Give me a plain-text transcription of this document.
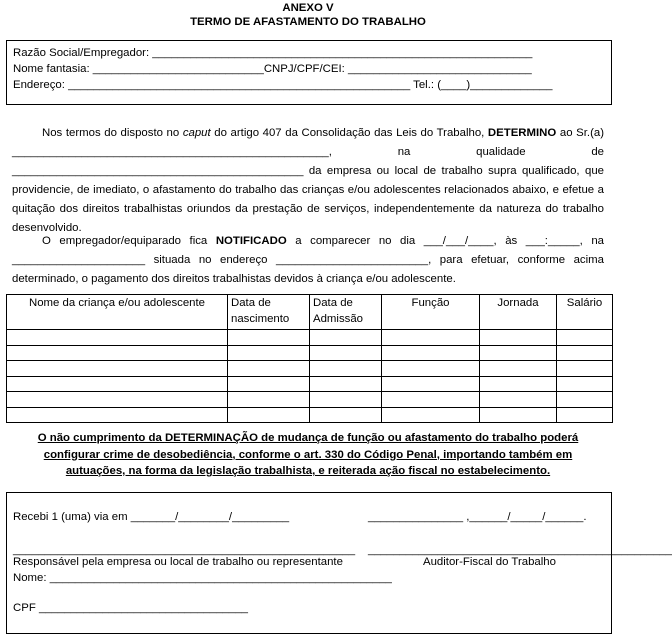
ANEXO V
TERMO DE AFASTAMENTO DO TRABALHO
Razão Social/Empregador: ____________________________________________________________
Nome fantasia: ___________________________CNPJ/CPF/CEI: _____________________________
Endereço: ______________________________________________________ Tel.: (____)_____________
Nos termos do disposto no caput do artigo 407 da Consolidação das Leis do Trabalho, DETERMINO ao Sr.(a) __________________________________________________, na qualidade de ______________________________________________ da empresa ou local de trabalho supra qualificado, que providencie, de imediato, o afastamento do trabalho das crianças e/ou adolescentes relacionados abaixo, e efetue a quitação dos direitos trabalhistas oriundos da prestação de serviços, independentemente da natureza do trabalho desenvolvido.
O empregador/equiparado fica NOTIFICADO a comparecer no dia ___/___/____, às ___:_____, na _____________________ situada no endereço ________________________, para efetuar, conforme acima determinado, o pagamento dos direitos trabalhistas devidos à criança e/ou adolescente.
Nome da criança e/ou adolescente	Data de nascimento	Data de Admissão	Função	Jornada	Salário

O não cumprimento da DETERMINAÇÃO de mudança de função ou afastamento do trabalho poderá configurar crime de desobediência, conforme o art. 330 do Código Penal, importando também em autuações, na forma da legislação trabalhista, e reiterada ação fiscal no estabelecimento.
Recebi 1 (uma) via em _______/________/_________	_______________ ,______/_____/______.
______________________________________________________ ________________________________________________
Responsável pela empresa ou local de trabalho ou representante	Auditor-Fiscal do Trabalho
Nome: ______________________________________________________
CPF _________________________________
